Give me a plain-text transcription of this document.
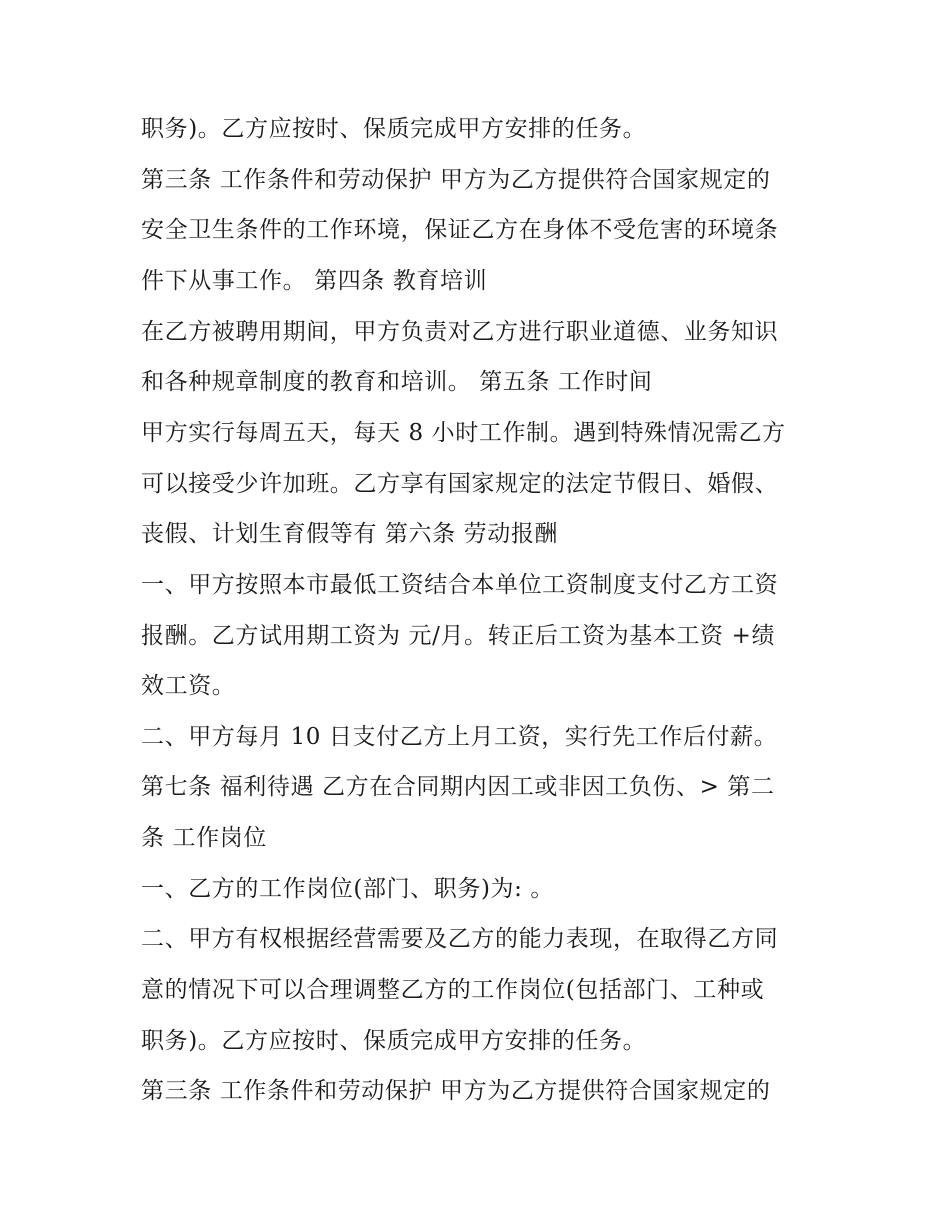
职务)。乙方应按时、保质完成甲方安排的任务。

第三条 工作条件和劳动保护 甲方为乙方提供符合国家规定的

安全卫生条件的工作环境，保证乙方在身体不受危害的环境条

件下从事工作。 第四条 教育培训

在乙方被聘用期间，甲方负责对乙方进行职业道德、业务知识

和各种规章制度的教育和培训。 第五条 工作时间

甲方实行每周五天，每天 8 小时工作制。遇到特殊情况需乙方

可以接受少许加班。乙方享有国家规定的法定节假日、婚假、

丧假、计划生育假等有 第六条 劳动报酬

一、甲方按照本市最低工资结合本单位工资制度支付乙方工资

报酬。乙方试用期工资为 元/月。转正后工资为基本工资 +绩

效工资。

二、甲方每月 10 日支付乙方上月工资，实行先工作后付薪。

第七条 福利待遇 乙方在合同期内因工或非因工负伤、> 第二

条 工作岗位

一、乙方的工作岗位(部门、职务)为: 。

二、甲方有权根据经营需要及乙方的能力表现，在取得乙方同

意的情况下可以合理调整乙方的工作岗位(包括部门、工种或

职务)。乙方应按时、保质完成甲方安排的任务。

第三条 工作条件和劳动保护 甲方为乙方提供符合国家规定的
